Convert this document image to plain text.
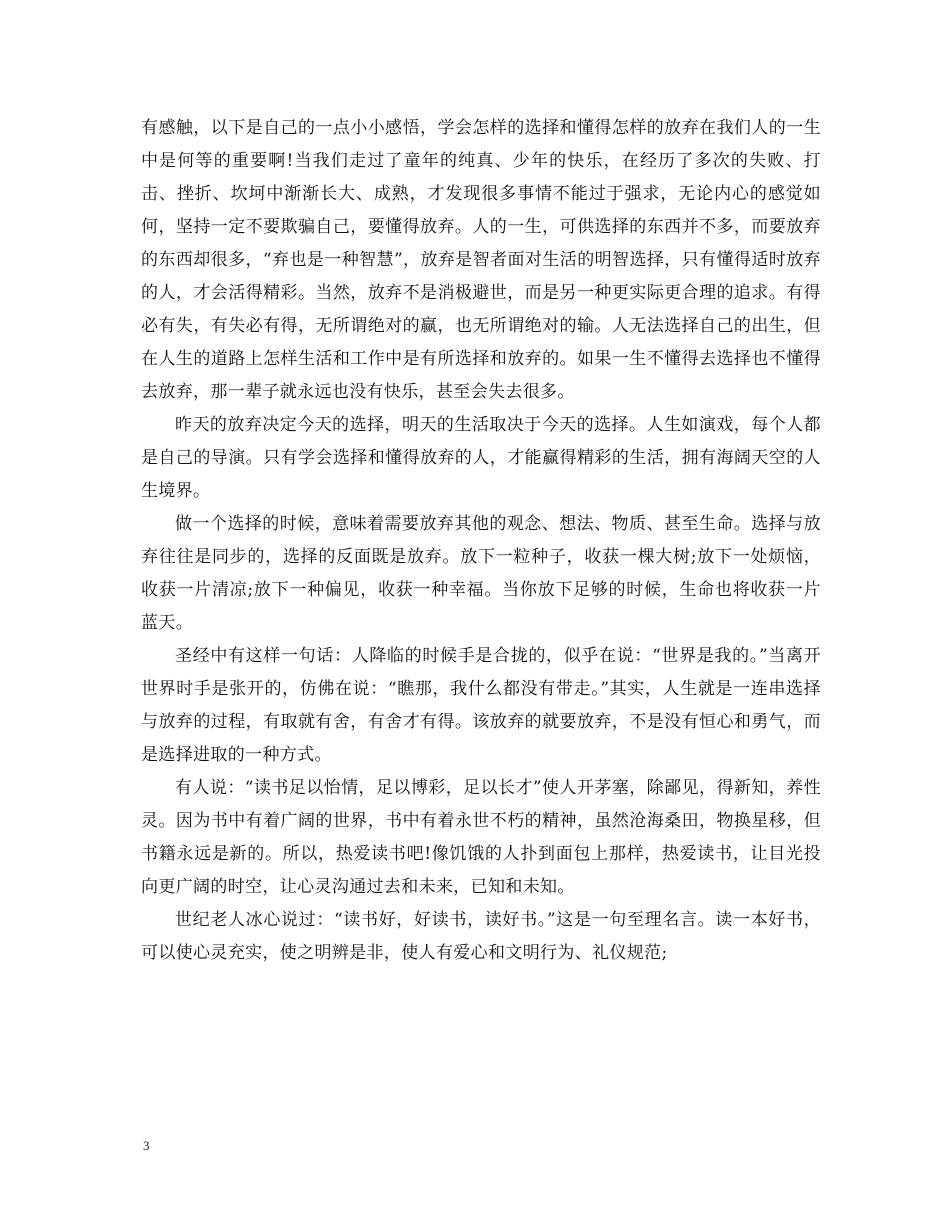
有感触，以下是自己的一点小小感悟，学会怎样的选择和懂得怎样的放弃在我们人的一生中是何等的重要啊!当我们走过了童年的纯真、少年的快乐，在经历了多次的失败、打击、挫折、坎坷中渐渐长大、成熟，才发现很多事情不能过于强求，无论内心的感觉如何，坚持一定不要欺骗自己，要懂得放弃。人的一生，可供选择的东西并不多，而要放弃的东西却很多，“弃也是一种智慧”，放弃是智者面对生活的明智选择，只有懂得适时放弃的人，才会活得精彩。当然，放弃不是消极避世，而是另一种更实际更合理的追求。有得必有失，有失必有得，无所谓绝对的赢，也无所谓绝对的输。人无法选择自己的出生，但在人生的道路上怎样生活和工作中是有所选择和放弃的。如果一生不懂得去选择也不懂得去放弃，那一辈子就永远也没有快乐，甚至会失去很多。

昨天的放弃决定今天的选择，明天的生活取决于今天的选择。人生如演戏，每个人都是自己的导演。只有学会选择和懂得放弃的人，才能赢得精彩的生活，拥有海阔天空的人生境界。

做一个选择的时候，意味着需要放弃其他的观念、想法、物质、甚至生命。选择与放弃往往是同步的，选择的反面既是放弃。放下一粒种子，收获一棵大树;放下一处烦恼，收获一片清凉;放下一种偏见，收获一种幸福。当你放下足够的时候，生命也将收获一片蓝天。

圣经中有这样一句话：人降临的时候手是合拢的，似乎在说：“世界是我的。”当离开世界时手是张开的，仿佛在说：“瞧那，我什么都没有带走。”其实，人生就是一连串选择与放弃的过程，有取就有舍，有舍才有得。该放弃的就要放弃，不是没有恒心和勇气，而是选择进取的一种方式。

有人说：“读书足以怡情，足以博彩，足以长才”使人开茅塞，除鄙见，得新知，养性灵。因为书中有着广阔的世界，书中有着永世不朽的精神，虽然沧海桑田，物换星移，但书籍永远是新的。所以，热爱读书吧!像饥饿的人扑到面包上那样，热爱读书，让目光投向更广阔的时空，让心灵沟通过去和未来，已知和未知。

世纪老人冰心说过：“读书好，好读书，读好书。”这是一句至理名言。读一本好书，可以使心灵充实，使之明辨是非，使人有爱心和文明行为、礼仪规范;

3
